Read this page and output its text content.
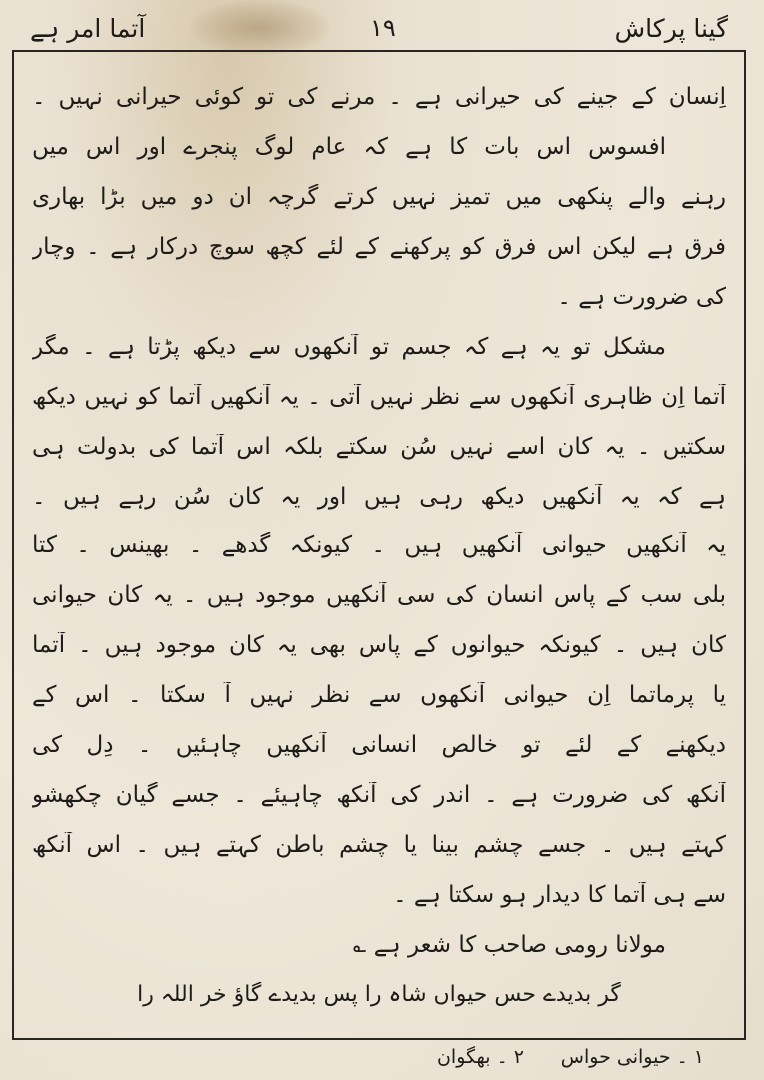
گینا پرکاش
١٩
آتما امر ہے
اِنسان کے جینے کی حیرانی ہے ۔ مرنے کی تو کوئی حیرانی نہیں ۔
افسوس اس بات کا ہے کہ عام لوگ پنجرے اور اس میں
رہنے والے پنکھی میں تمیز نہیں کرتے گرچہ ان دو میں بڑا بھاری
فرق ہے لیکن اس فرق کو پرکھنے کے لئے کچھ سوچ درکار ہے ۔ وچار
کی ضرورت ہے ۔
مشکل تو یہ ہے کہ جسم تو آنکھوں سے دیکھ پڑتا ہے ۔ مگر
آتما اِن ظاہری آنکھوں سے نظر نہیں آتی ۔ یہ آنکھیں آتما کو نہیں دیکھ
سکتیں ۔ یہ کان اسے نہیں سُن سکتے بلکہ اس آتما کی بدولت ہی
ہے کہ یہ آنکھیں دیکھ رہی ہیں اور یہ کان سُن رہے ہیں ۔
یہ آنکھیں حیوانی آنکھیں ہیں ۔ کیونکہ گدھے ۔ بھینس ۔ کتا
بلی سب کے پاس انسان کی سی آنکھیں موجود ہیں ۔ یہ کان حیوانی
کان ہیں ۔ کیونکہ حیوانوں کے پاس بھی یہ کان موجود ہیں ۔ آتما
یا پرماتما اِن حیوانی آنکھوں سے نظر نہیں آ سکتا ۔ اس کے
دیکھنے کے لئے تو خالص انسانی آنکھیں چاہئیں ۔ دِل کی
آنکھ کی ضرورت ہے ۔ اندر کی آنکھ چاہیئے ۔ جسے گیان چکھشو
کہتے ہیں ۔ جسے چشمِ بینا یا چشمِ باطن کہتے ہیں ۔ اس آنکھ
سے ہی آتما کا دیدار ہو سکتا ہے ۔
مولانا رومی صاحب کا شعر ہے ؎
گر بدیدے حسِ حیواں شاہ را پس بدیدے گاؤ خر اللہ را
١ ۔ حیوانی حواس
٢ ۔ بھگوان
